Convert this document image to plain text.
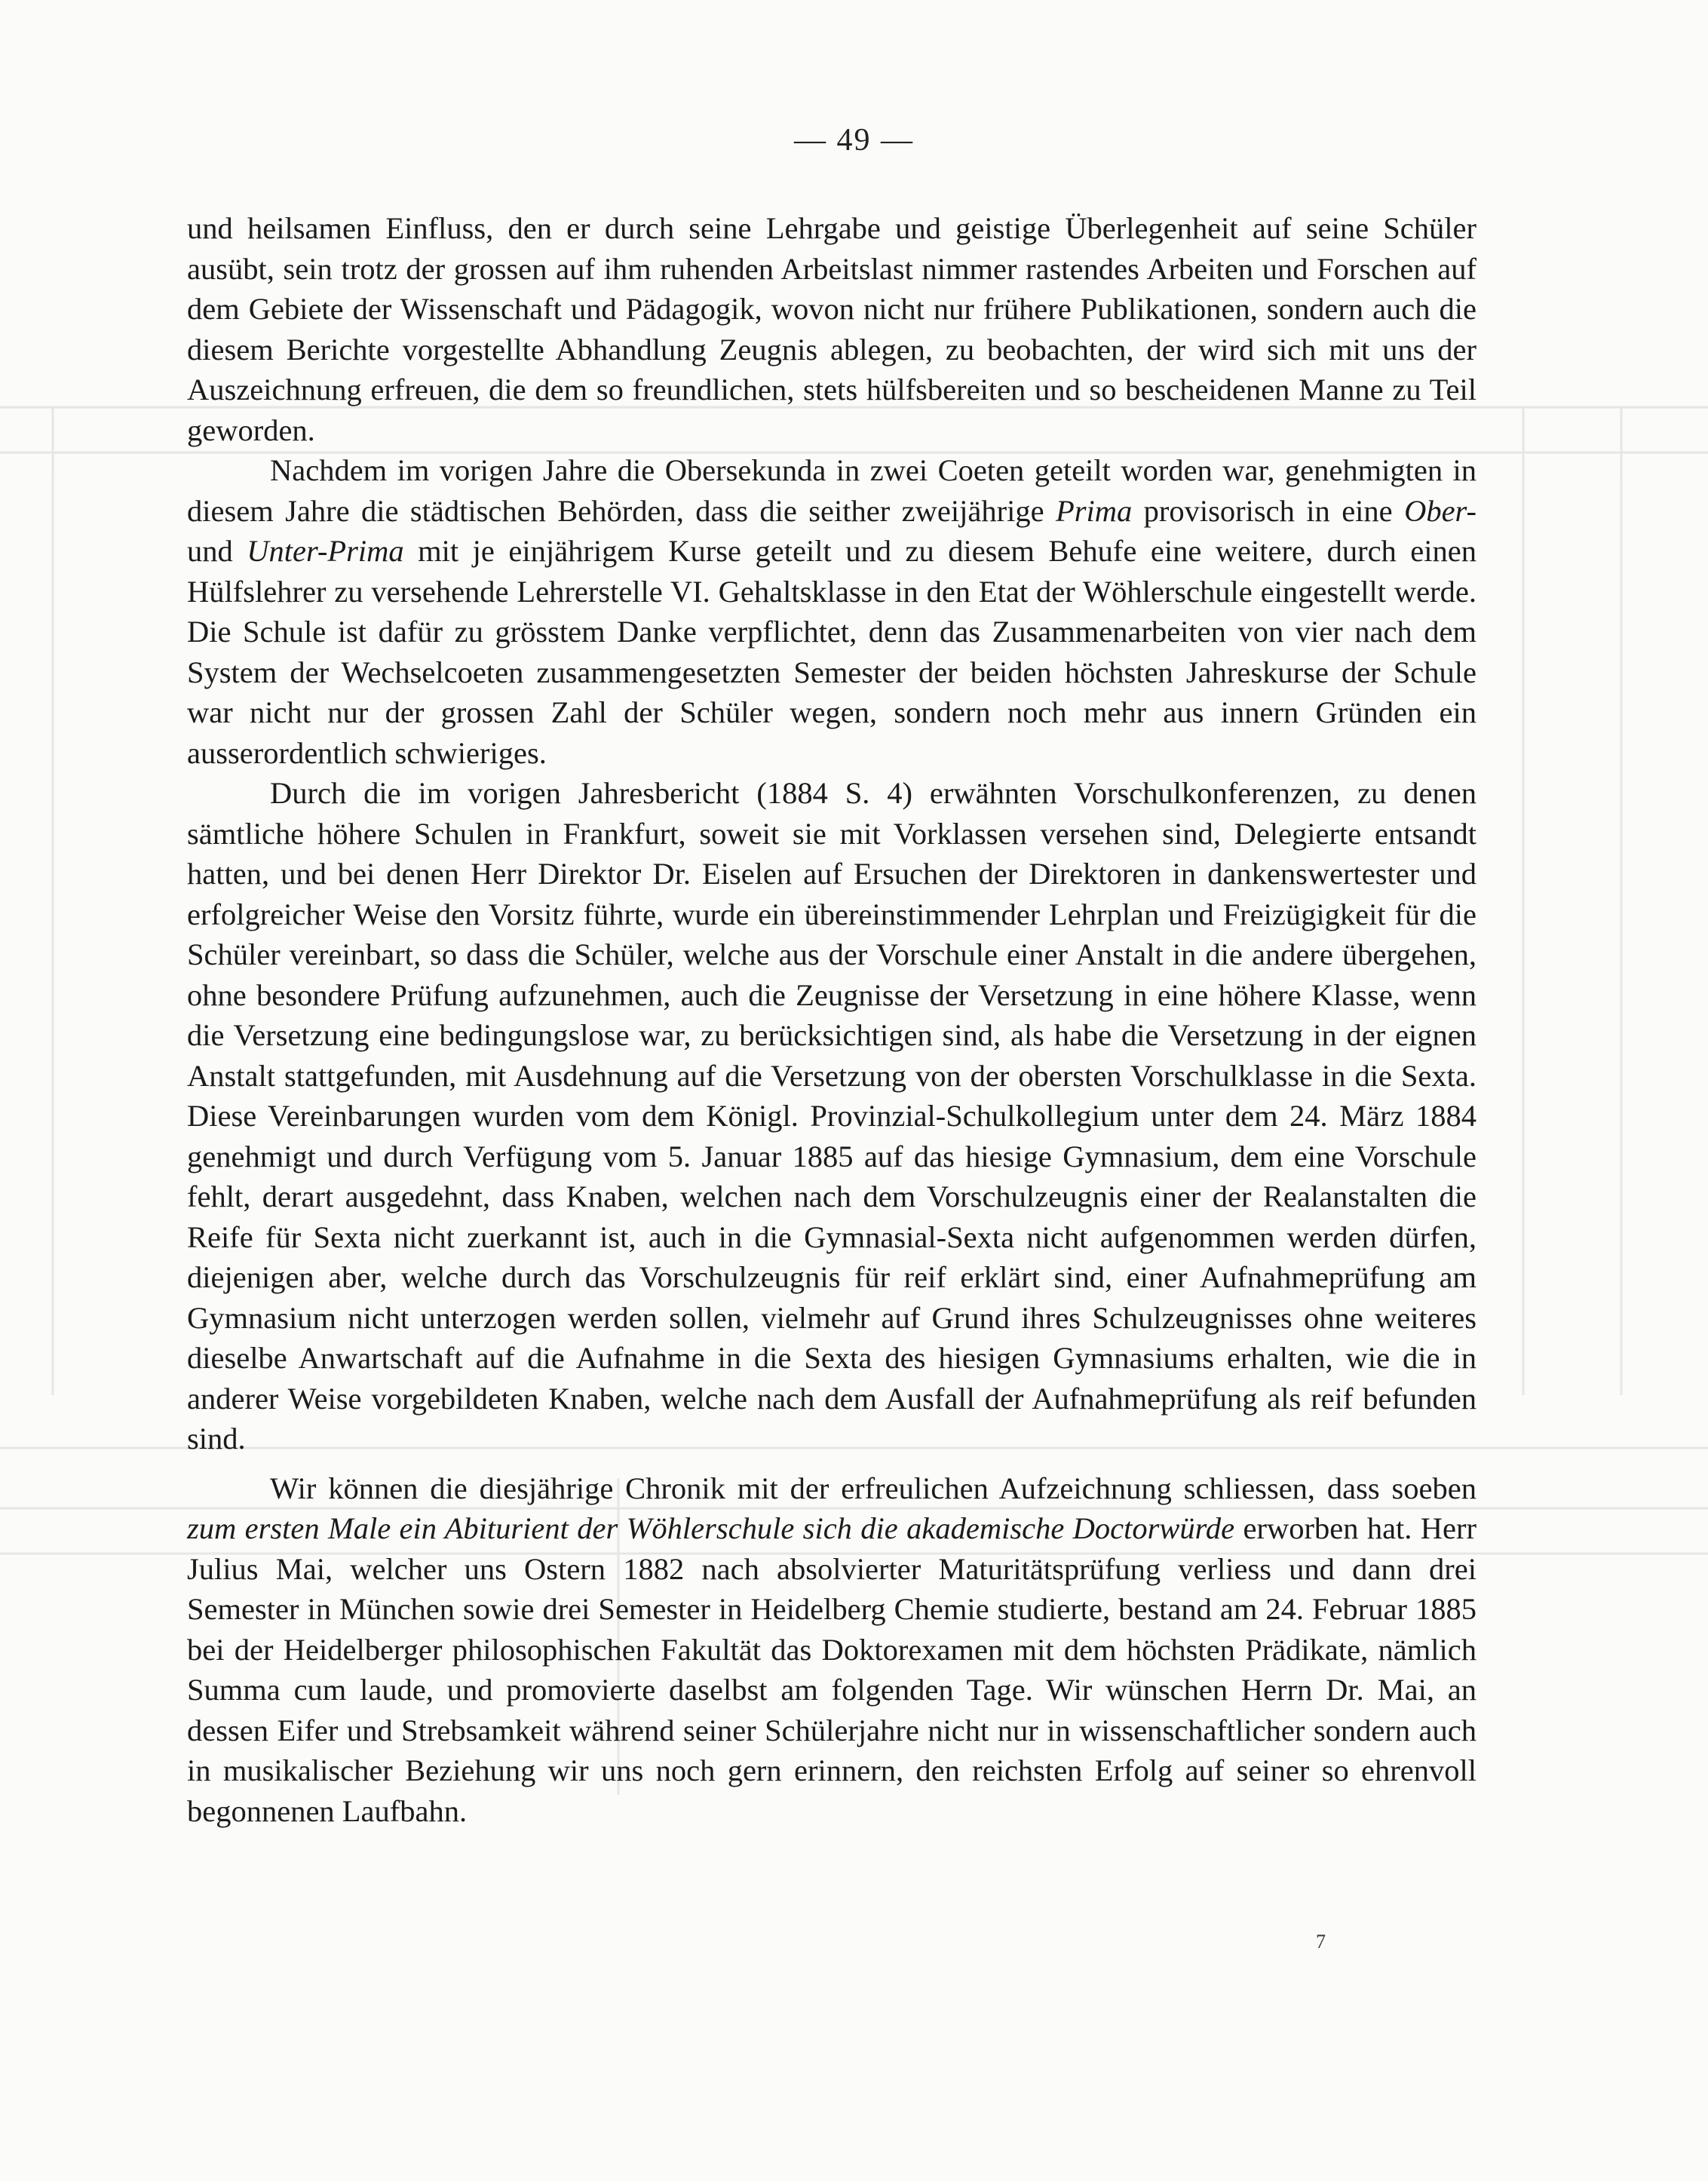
— 49 —

und heilsamen Einfluss, den er durch seine Lehrgabe und geistige Überlegenheit auf seine Schüler ausübt, sein trotz der grossen auf ihm ruhenden Arbeitslast nimmer rastendes Arbeiten und Forschen auf dem Gebiete der Wissenschaft und Pädagogik, wovon nicht nur frühere Publikationen, sondern auch die diesem Berichte vorgestellte Abhandlung Zeugnis ablegen, zu beobachten, der wird sich mit uns der Auszeichnung erfreuen, die dem so freundlichen, stets hülfsbereiten und so bescheidenen Manne zu Teil geworden.

Nachdem im vorigen Jahre die Obersekunda in zwei Coeten geteilt worden war, genehmigten in diesem Jahre die städtischen Behörden, dass die seither zweijährige Prima provisorisch in eine Ober- und Unter-Prima mit je einjährigem Kurse geteilt und zu diesem Behufe eine weitere, durch einen Hülfslehrer zu versehende Lehrerstelle VI. Gehaltsklasse in den Etat der Wöhlerschule eingestellt werde. Die Schule ist dafür zu grösstem Danke verpflichtet, denn das Zusammenarbeiten von vier nach dem System der Wechselcoeten zusammengesetzten Semester der beiden höchsten Jahreskurse der Schule war nicht nur der grossen Zahl der Schüler wegen, sondern noch mehr aus innern Gründen ein ausserordentlich schwieriges.

Durch die im vorigen Jahresbericht (1884 S. 4) erwähnten Vorschulkonferenzen, zu denen sämtliche höhere Schulen in Frankfurt, soweit sie mit Vorklassen versehen sind, Delegierte entsandt hatten, und bei denen Herr Direktor Dr. Eiselen auf Ersuchen der Direktoren in dankenswertester und erfolgreicher Weise den Vorsitz führte, wurde ein übereinstimmender Lehrplan und Freizügigkeit für die Schüler vereinbart, so dass die Schüler, welche aus der Vorschule einer Anstalt in die andere übergehen, ohne besondere Prüfung aufzunehmen, auch die Zeugnisse der Versetzung in eine höhere Klasse, wenn die Versetzung eine bedingungslose war, zu berücksichtigen sind, als habe die Versetzung in der eignen Anstalt stattgefunden, mit Ausdehnung auf die Versetzung von der obersten Vorschulklasse in die Sexta. Diese Vereinbarungen wurden vom dem Königl. Provinzial-Schulkollegium unter dem 24. März 1884 genehmigt und durch Verfügung vom 5. Januar 1885 auf das hiesige Gymnasium, dem eine Vorschule fehlt, derart ausgedehnt, dass Knaben, welchen nach dem Vorschulzeugnis einer der Realanstalten die Reife für Sexta nicht zuerkannt ist, auch in die Gymnasial-Sexta nicht aufgenommen werden dürfen, diejenigen aber, welche durch das Vorschulzeugnis für reif erklärt sind, einer Aufnahmeprüfung am Gymnasium nicht unterzogen werden sollen, vielmehr auf Grund ihres Schulzeugnisses ohne weiteres dieselbe Anwartschaft auf die Aufnahme in die Sexta des hiesigen Gymnasiums erhalten, wie die in anderer Weise vorgebildeten Knaben, welche nach dem Ausfall der Aufnahmeprüfung als reif befunden sind.

Wir können die diesjährige Chronik mit der erfreulichen Aufzeichnung schliessen, dass soeben zum ersten Male ein Abiturient der Wöhlerschule sich die akademische Doctorwürde erworben hat. Herr Julius Mai, welcher uns Ostern 1882 nach absolvierter Maturitätsprüfung verliess und dann drei Semester in München sowie drei Semester in Heidelberg Chemie studierte, bestand am 24. Februar 1885 bei der Heidelberger philosophischen Fakultät das Doktorexamen mit dem höchsten Prädikate, nämlich Summa cum laude, und promovierte daselbst am folgenden Tage. Wir wünschen Herrn Dr. Mai, an dessen Eifer und Strebsamkeit während seiner Schülerjahre nicht nur in wissenschaftlicher sondern auch in musikalischer Beziehung wir uns noch gern erinnern, den reichsten Erfolg auf seiner so ehrenvoll begonnenen Laufbahn.

7
